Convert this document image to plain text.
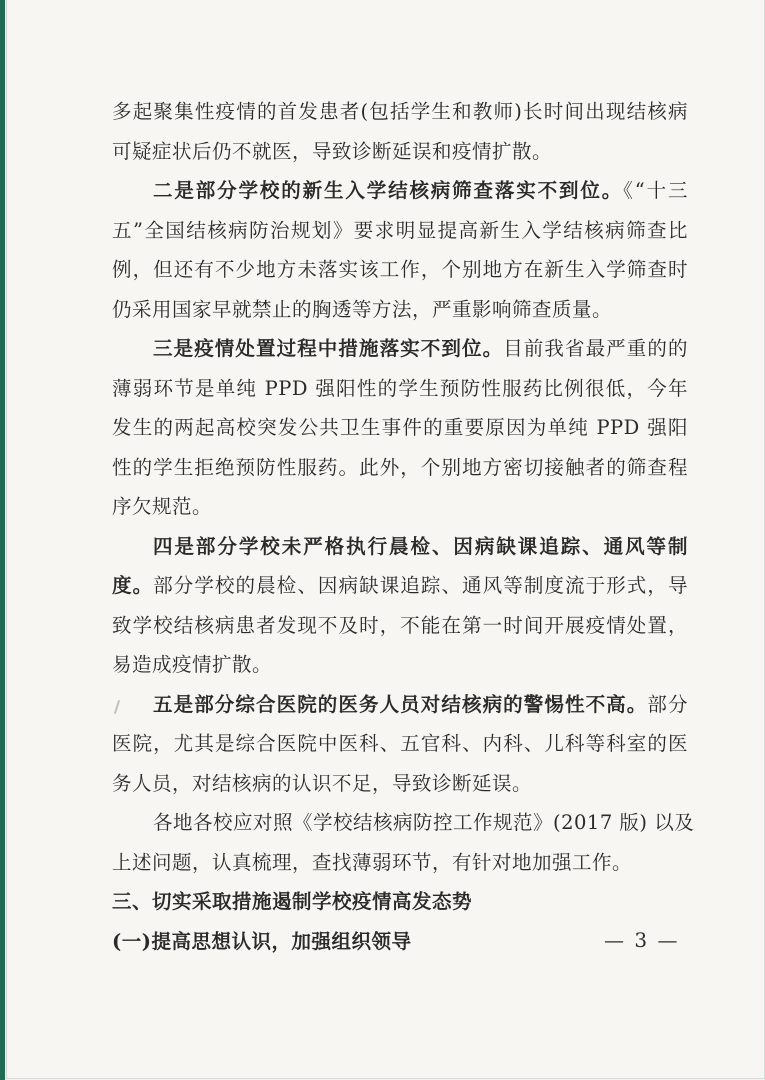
多起聚集性疫情的首发患者(包括学生和教师)长时间出现结核病
可疑症状后仍不就医，导致诊断延误和疫情扩散。
二是部分学校的新生入学结核病筛查落实不到位。《“十三
五”全国结核病防治规划》要求明显提高新生入学结核病筛查比
例，但还有不少地方未落实该工作，个别地方在新生入学筛查时
仍采用国家早就禁止的胸透等方法，严重影响筛查质量。
三是疫情处置过程中措施落实不到位。目前我省最严重的的
薄弱环节是单纯 PPD 强阳性的学生预防性服药比例很低，今年
发生的两起高校突发公共卫生事件的重要原因为单纯 PPD 强阳
性的学生拒绝预防性服药。此外，个别地方密切接触者的筛查程
序欠规范。
四是部分学校未严格执行晨检、因病缺课追踪、通风等制
度。部分学校的晨检、因病缺课追踪、通风等制度流于形式，导
致学校结核病患者发现不及时，不能在第一时间开展疫情处置，
易造成疫情扩散。
五是部分综合医院的医务人员对结核病的警惕性不高。部分
医院，尤其是综合医院中医科、五官科、内科、儿科等科室的医
务人员，对结核病的认识不足，导致诊断延误。
各地各校应对照《学校结核病防控工作规范》(2017 版) 以及
上述问题，认真梳理，查找薄弱环节，有针对地加强工作。
三、切实采取措施遏制学校疫情高发态势
(一)提高思想认识，加强组织领导	— 3 —
